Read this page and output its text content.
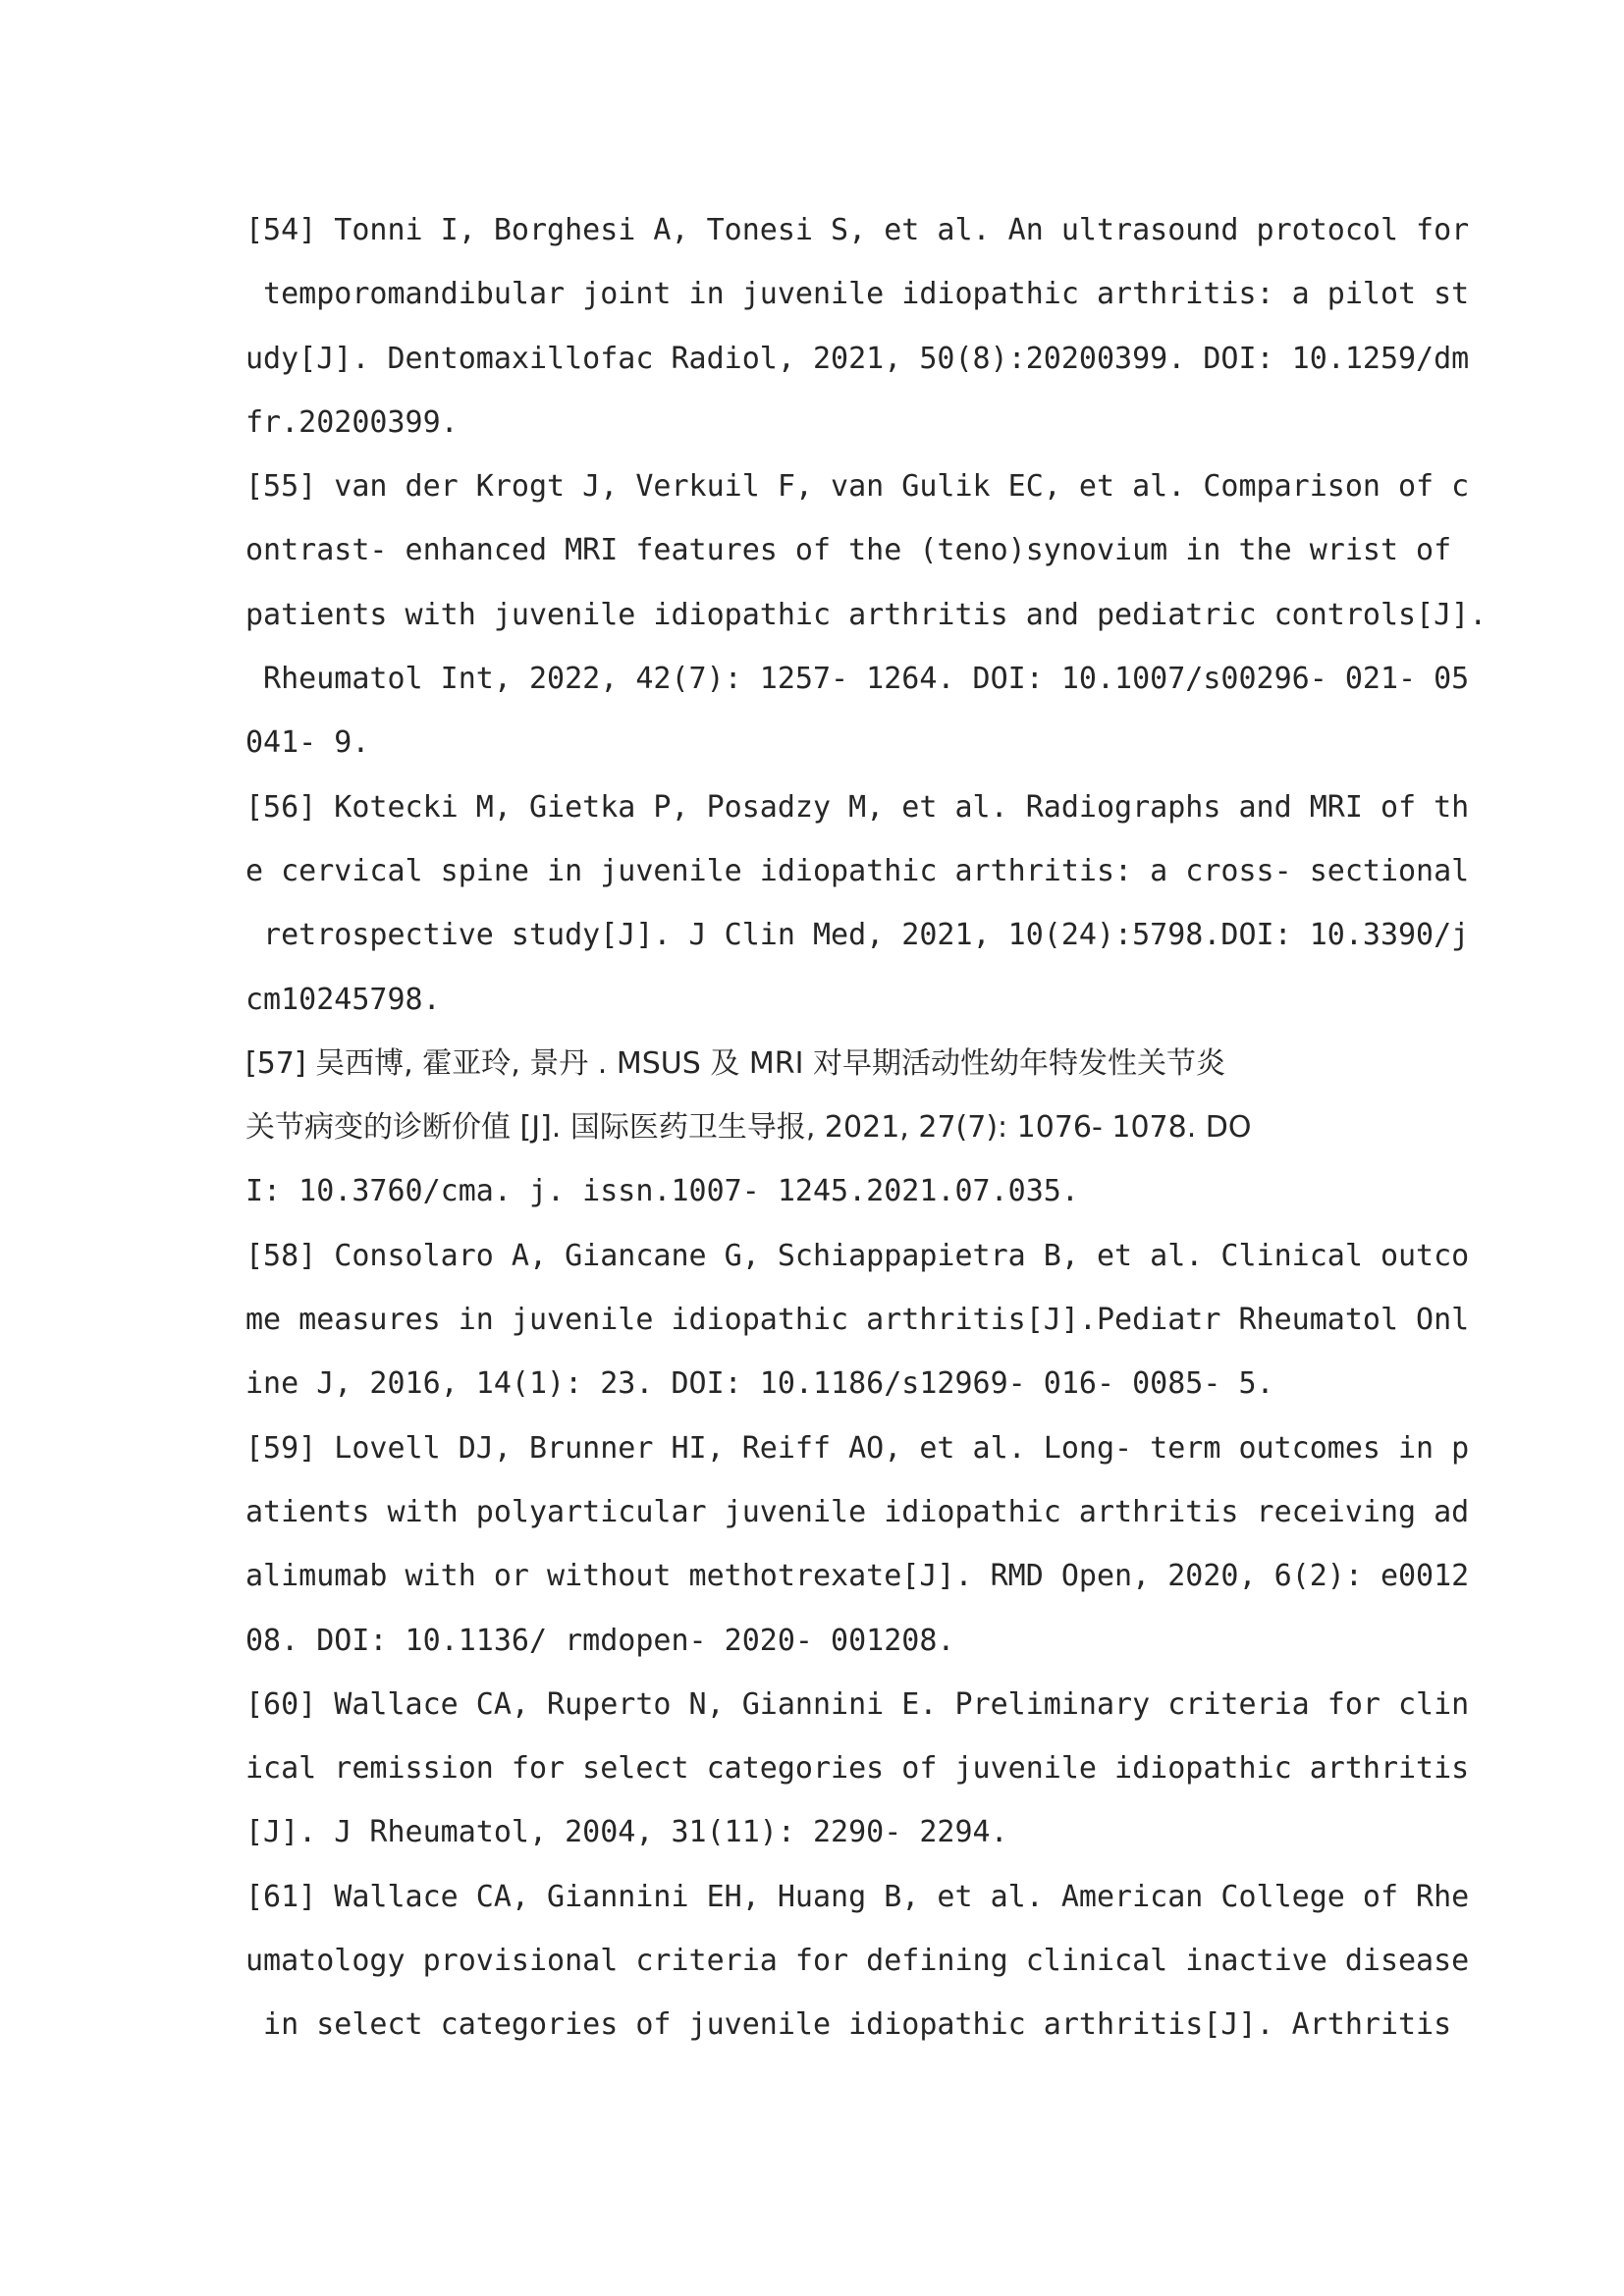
[54] Tonni I, Borghesi A, Tonesi S, et al. An ultrasound protocol for
temporomandibular joint in juvenile idiopathic arthritis: a pilot st
udy[J]. Dentomaxillofac Radiol, 2021, 50(8):20200399. DOI: 10.1259/dm
fr.20200399.
[55] van der Krogt J, Verkuil F, van Gulik EC, et al. Comparison of c
ontrast- enhanced MRI features of the (teno)synovium in the wrist of
patients with juvenile idiopathic arthritis and pediatric controls[J].
Rheumatol Int, 2022, 42(7): 1257- 1264. DOI: 10.1007/s00296- 021- 05
041- 9.
[56] Kotecki M, Gietka P, Posadzy M, et al. Radiographs and MRI of th
e cervical spine in juvenile idiopathic arthritis: a cross- sectional
retrospective study[J]. J Clin Med, 2021, 10(24):5798.DOI: 10.3390/j
cm10245798.
[57] 吴西博, 霍亚玲, 景丹 . MSUS 及 MRI 对早期活动性幼年特发性关节炎
关节病变的诊断价值 [J]. 国际医药卫生导报, 2021, 27(7): 1076- 1078. DO
I: 10.3760/cma. j. issn.1007- 1245.2021.07.035.
[58] Consolaro A, Giancane G, Schiappapietra B, et al. Clinical outco
me measures in juvenile idiopathic arthritis[J].Pediatr Rheumatol Onl
ine J, 2016, 14(1): 23. DOI: 10.1186/s12969- 016- 0085- 5.
[59] Lovell DJ, Brunner HI, Reiff AO, et al. Long- term outcomes in p
atients with polyarticular juvenile idiopathic arthritis receiving ad
alimumab with or without methotrexate[J]. RMD Open, 2020, 6(2): e0012
08. DOI: 10.1136/ rmdopen- 2020- 001208.
[60] Wallace CA, Ruperto N, Giannini E. Preliminary criteria for clin
ical remission for select categories of juvenile idiopathic arthritis
[J]. J Rheumatol, 2004, 31(11): 2290- 2294.
[61] Wallace CA, Giannini EH, Huang B, et al. American College of Rhe
umatology provisional criteria for defining clinical inactive disease
in select categories of juvenile idiopathic arthritis[J]. Arthritis
